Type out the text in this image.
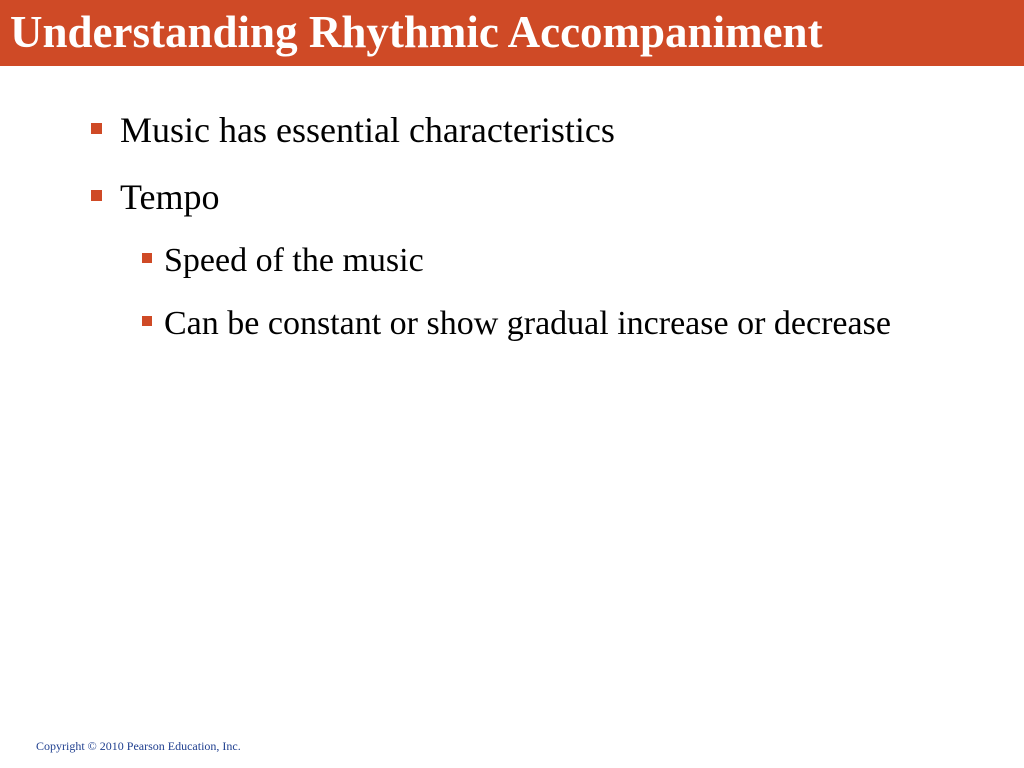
Understanding Rhythmic Accompaniment
Music has essential characteristics
Tempo
Speed of the music
Can be constant or show gradual increase or decrease
Copyright © 2010 Pearson Education, Inc.
